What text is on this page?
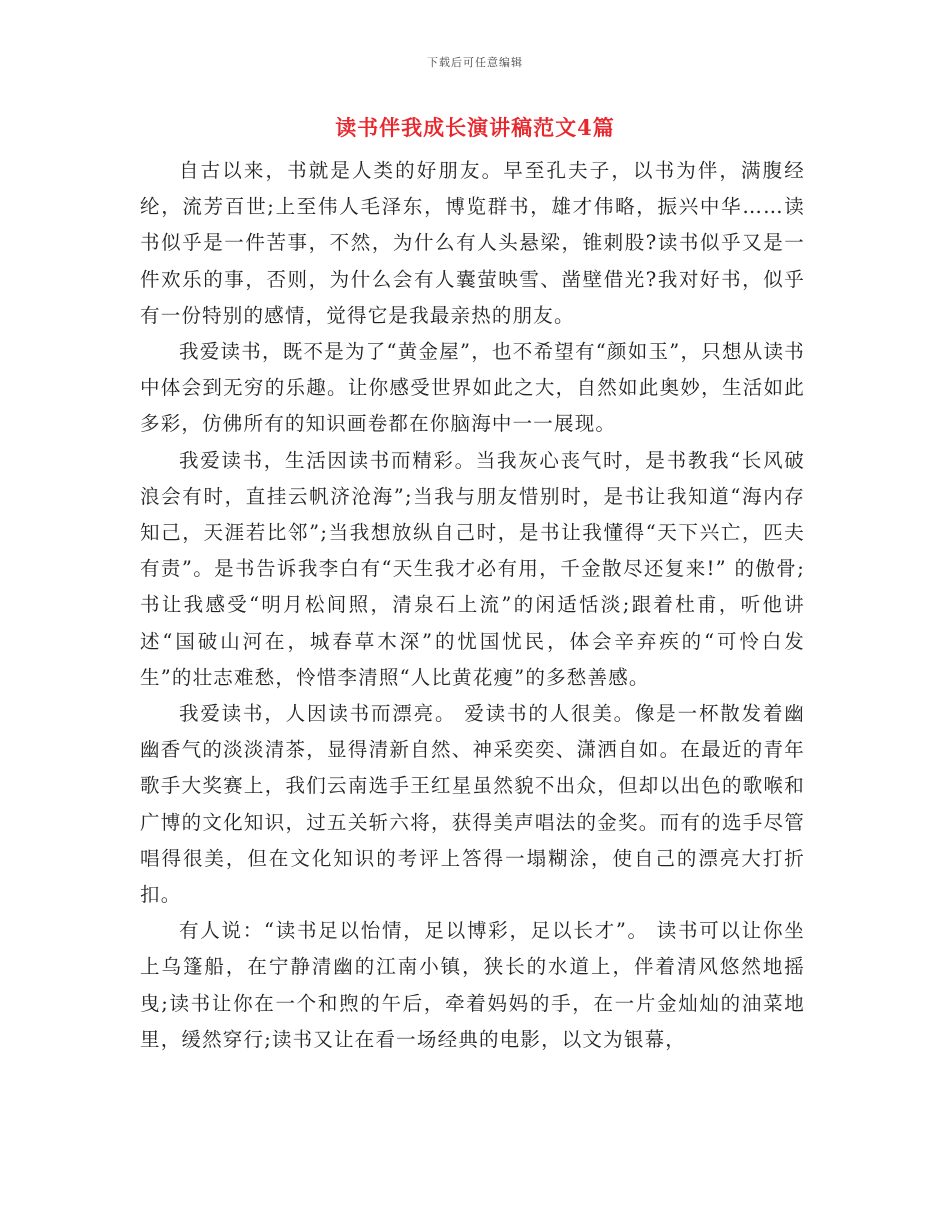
下载后可任意编辑
读书伴我成长演讲稿范文4篇

自古以来，书就是人类的好朋友。早至孔夫子，以书为伴，满腹经纶，流芳百世;上至伟人毛泽东，博览群书，雄才伟略，振兴中华……读书似乎是一件苦事，不然，为什么有人头悬梁，锥刺股?读书似乎又是一件欢乐的事，否则，为什么会有人囊萤映雪、凿壁借光?我对好书，似乎有一份特别的感情，觉得它是我最亲热的朋友。

我爱读书，既不是为了“黄金屋”，也不希望有“颜如玉”，只想从读书中体会到无穷的乐趣。让你感受世界如此之大，自然如此奥妙，生活如此多彩，仿佛所有的知识画卷都在你脑海中一一展现。

我爱读书，生活因读书而精彩。当我灰心丧气时，是书教我“长风破浪会有时，直挂云帆济沧海”;当我与朋友惜别时，是书让我知道“海内存知己，天涯若比邻”;当我想放纵自己时，是书让我懂得“天下兴亡，匹夫有责”。是书告诉我李白有“天生我才必有用，千金散尽还复来!” 的傲骨;书让我感受“明月松间照，清泉石上流”的闲适恬淡;跟着杜甫，听他讲述“国破山河在，城春草木深”的忧国忧民，体会辛弃疾的“可怜白发生”的壮志难愁，怜惜李清照“人比黄花瘦”的多愁善感。

我爱读书，人因读书而漂亮。 爱读书的人很美。像是一杯散发着幽幽香气的淡淡清茶，显得清新自然、神采奕奕、潇洒自如。在最近的青年歌手大奖赛上，我们云南选手王红星虽然貌不出众，但却以出色的歌喉和广博的文化知识，过五关斩六将，获得美声唱法的金奖。而有的选手尽管唱得很美，但在文化知识的考评上答得一塌糊涂，使自己的漂亮大打折扣。

有人说：“读书足以怡情，足以博彩，足以长才”。 读书可以让你坐上乌篷船，在宁静清幽的江南小镇，狭长的水道上，伴着清风悠然地摇曳;读书让你在一个和煦的午后，牵着妈妈的手，在一片金灿灿的油菜地里，缓然穿行;读书又让在看一场经典的电影，以文为银幕，
